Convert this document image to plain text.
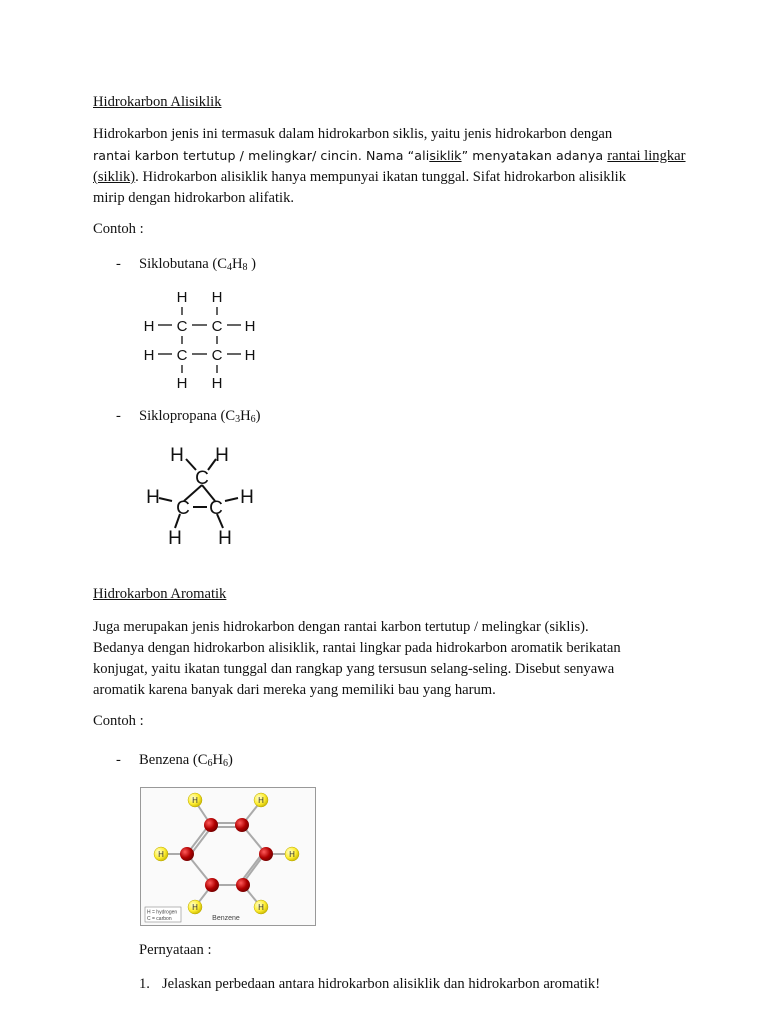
Hidrokarbon Alisiklik
Hidrokarbon jenis ini termasuk dalam hidrokarbon siklis, yaitu jenis hidrokarbon dengan
rantai karbon tertutup / melingkar/ cincin. Nama “alisiklik” menyatakan adanya rantai lingkar
(siklik). Hidrokarbon alisiklik hanya mempunyai ikatan tunggal. Sifat hidrokarbon alisiklik
mirip dengan hidrokarbon alifatik.
Contoh :
- Siklobutana ($C_4H_8$ )
H H
H C C H
H C C H
H H
- Siklopropana $(C_3H_6)$
H H
C
H
C C
H
H H
Hidrokarbon Aromatik
Juga merupakan jenis hidrokarbon dengan rantai karbon tertutup / melingkar (siklis).
Bedanya dengan hidrokarbon alisiklik, rantai lingkar pada hidrokarbon aromatik berikatan
konjugat, yaitu ikatan tunggal dan rangkap yang tersusun selang-seling. Disebut senyawa
aromatik karena banyak dari mereka yang memiliki bau yang harum.
Contoh :
- Benzena $(C_6H_6)$
H	H
H
H
H
H
H = hydrogen
C = carbon	Benzene
Pernyataan :
1. Jelaskan perbedaan antara hidrokarbon alisiklik dan hidrokarbon aromatik!
